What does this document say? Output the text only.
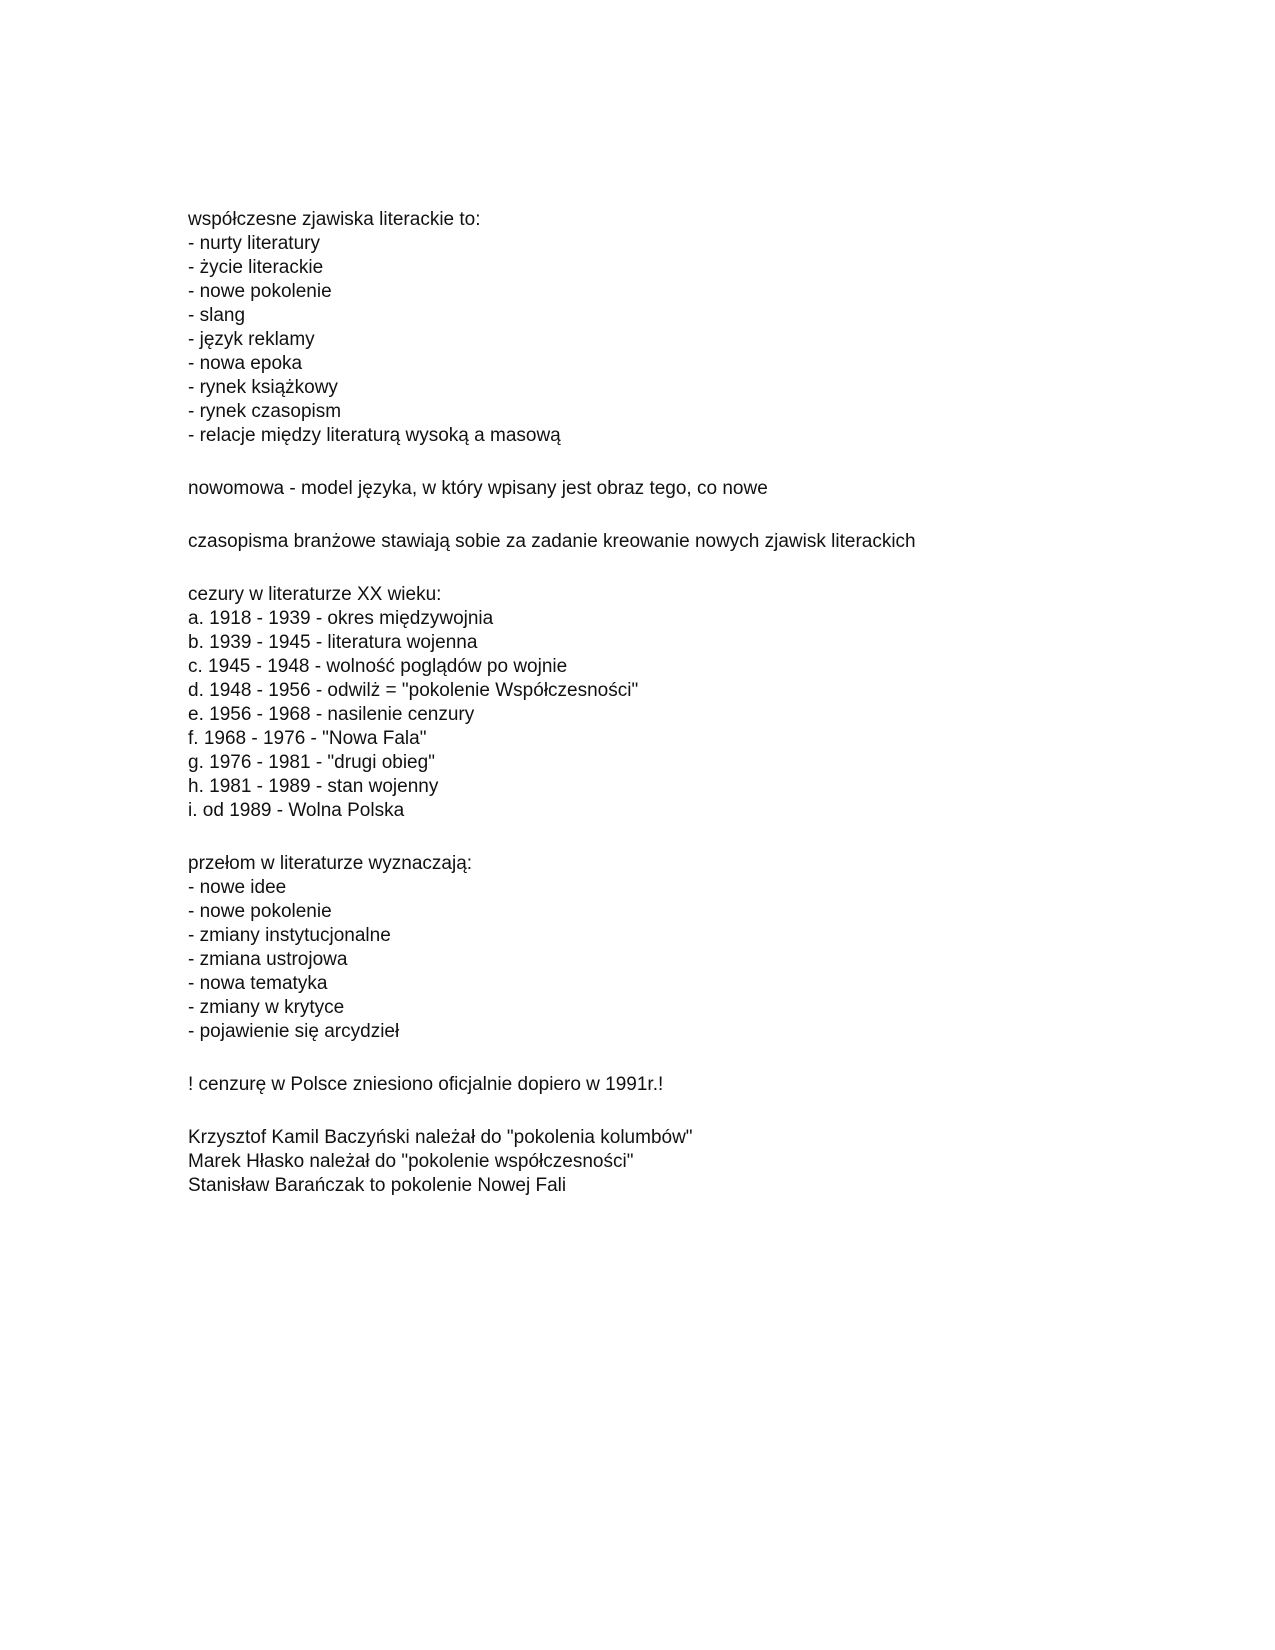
współczesne zjawiska literackie to:
- nurty literatury
- życie literackie
- nowe pokolenie
- slang
- język reklamy
- nowa epoka
- rynek książkowy
- rynek czasopism
- relacje między literaturą wysoką a masową
nowomowa - model języka, w który wpisany jest obraz tego, co nowe
czasopisma branżowe stawiają sobie za zadanie kreowanie nowych zjawisk literackich
cezury w literaturze XX wieku:
a. 1918 - 1939 - okres międzywojnia
b. 1939 - 1945 - literatura wojenna
c. 1945 - 1948 - wolność poglądów po wojnie
d. 1948 - 1956 - odwilż = "pokolenie Współczesności"
e. 1956 - 1968 - nasilenie cenzury
f. 1968 - 1976 - "Nowa Fala"
g. 1976 - 1981 - "drugi obieg"
h. 1981 - 1989 - stan wojenny
i. od 1989 - Wolna Polska
przełom w literaturze wyznaczają:
- nowe idee
- nowe pokolenie
- zmiany instytucjonalne
- zmiana ustrojowa
- nowa tematyka
- zmiany w krytyce
- pojawienie się arcydzieł
! cenzurę w Polsce zniesiono oficjalnie dopiero w 1991r.!
Krzysztof Kamil Baczyński należał do "pokolenia kolumbów"
Marek Hłasko należał do "pokolenie współczesności"
Stanisław Barańczak to pokolenie Nowej Fali
